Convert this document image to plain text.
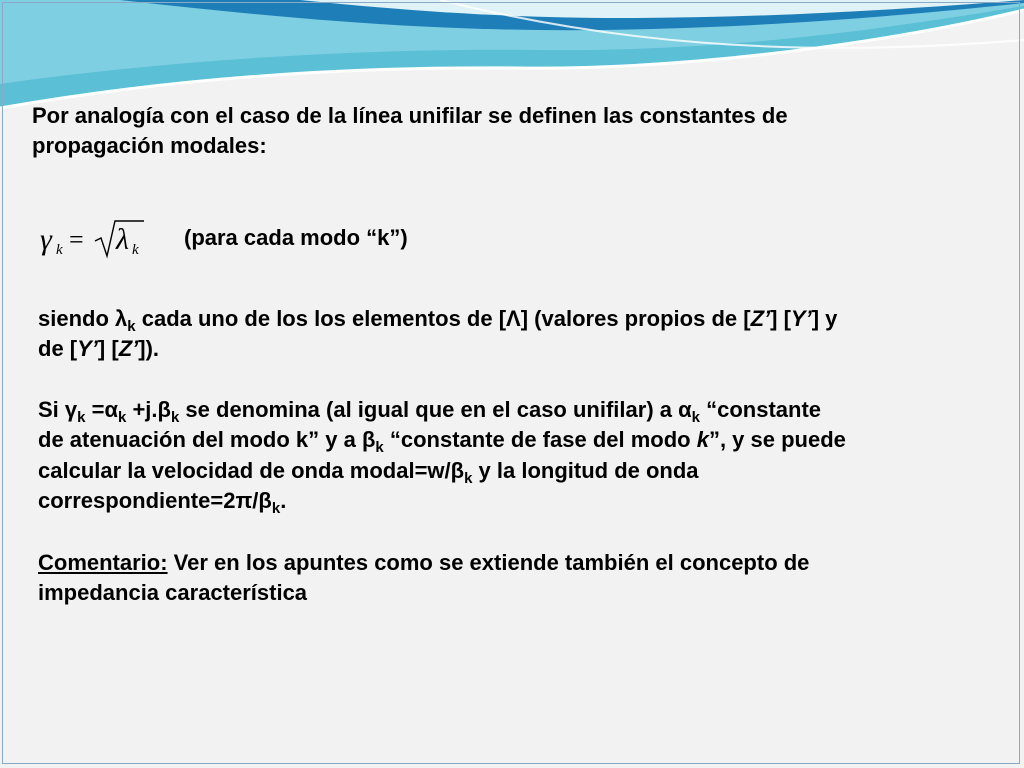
Por analogía con el caso de la línea unifilar se definen las constantes de
propagación modales:
γ k = λ k (para cada modo “k”)
siendo $\lambda_k$ cada uno de los los elementos de [Λ] (valores propios de [Z’] [Y’] y
de [Y’] [Z’]).
Si $\gamma_k =\alpha_k +j.\beta_k$ se denomina (al igual que en el caso unifilar) a $\alpha_k$ “constante
de atenuación del modo k” y a $\beta_k$ “constante de fase del modo k”, y se puede
calcular la velocidad de onda $modal=w/\beta_k$ y la longitud de onda
$correspondiente=2\pi/\beta_k$.
Comentario: Ver en los apuntes como se extiende también el concepto de
impedancia característica
